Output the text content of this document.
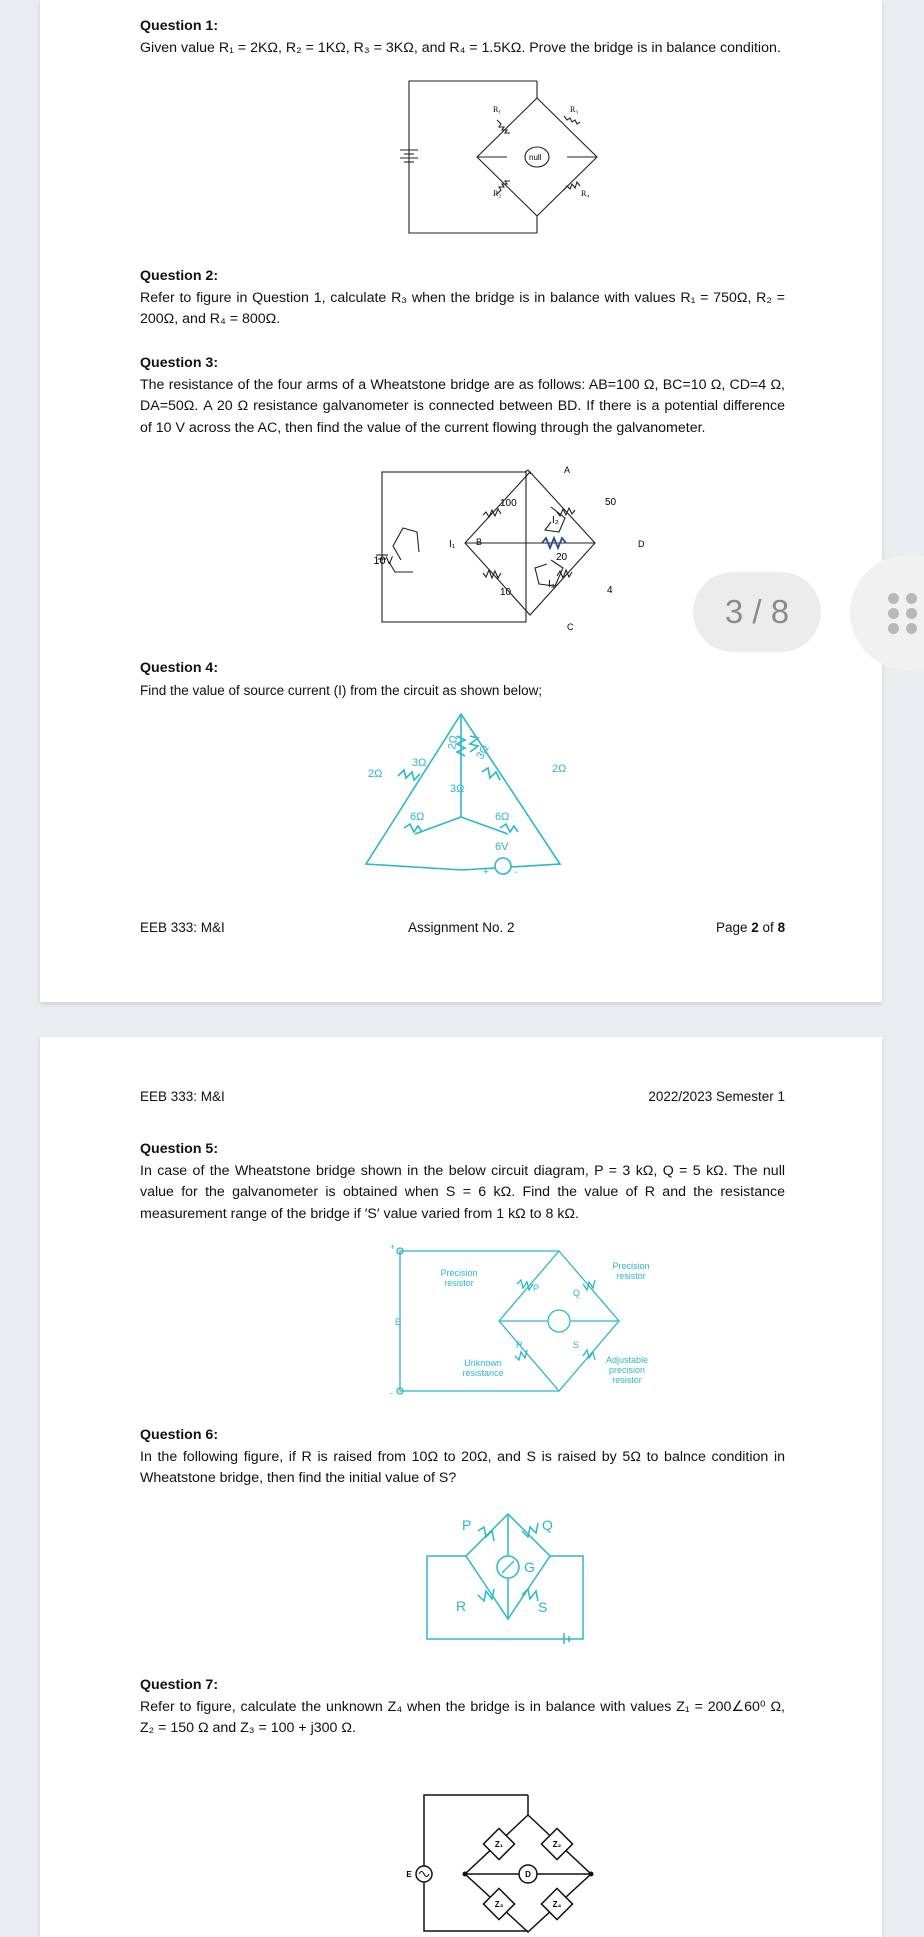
Question 1:
Given value R₁ = 2KΩ, R₂ = 1KΩ, R₃ = 3KΩ, and R₄ = 1.5KΩ. Prove the bridge is in balance condition.
R₁	R₃
R₂	R₄
null
Question 2:
Refer to figure in Question 1, calculate R₃ when the bridge is in balance with values R₁ = 750Ω, R₂ = 200Ω, and R₄ = 800Ω.
Question 3:
The resistance of the four arms of a Wheatstone bridge are as follows: AB=100 Ω, BC=10 Ω, CD=4 Ω, DA=50Ω. A 20 Ω resistance galvanometer is connected between BD. If there is a potential difference of 10 V across the AC, then find the value of the current flowing through the galvanometer.
A
B
C
D
100	50
10	4
20
I₁
I₂
I₃
10V
Question 4:
Find the value of source current (I) from the circuit as shown below;
2Ω
3Ω
2Ω
3Ω
3Ω
2Ω
6Ω	6Ω
6V
+	-
EEB 333: M&I	Assignment No. 2	Page 2 of 8
3 / 8
EEB 333: M&I	2022/2023 Semester 1
Question 5:
In case of the Wheatstone bridge shown in the below circuit diagram, P = 3 kΩ, Q = 5 kΩ. The null value for the galvanometer is obtained when S = 6 kΩ. Find the value of R and the resistance measurement range of the bridge if ′S′ value varied from 1 kΩ to 8 kΩ.
Precision
resistor	P
Precision
resistor
Q
E
R	S
Unknown
resistance
Adjustable
precision
resistor
+
-
Question 6:
In the following figure, if R is raised from 10Ω to 20Ω, and S is raised by 5Ω to balnce condition in Wheatstone bridge, then find the initial value of S?
P	Q
G
R	S
Question 7:
Refer to figure, calculate the unknown Z₄ when the bridge is in balance with values Z₁ = 200∠60⁰ Ω, Z₂ = 150 Ω and Z₃ = 100 + j300 Ω.
Z₁	Z₂
Z₃	Z₄
D
E
